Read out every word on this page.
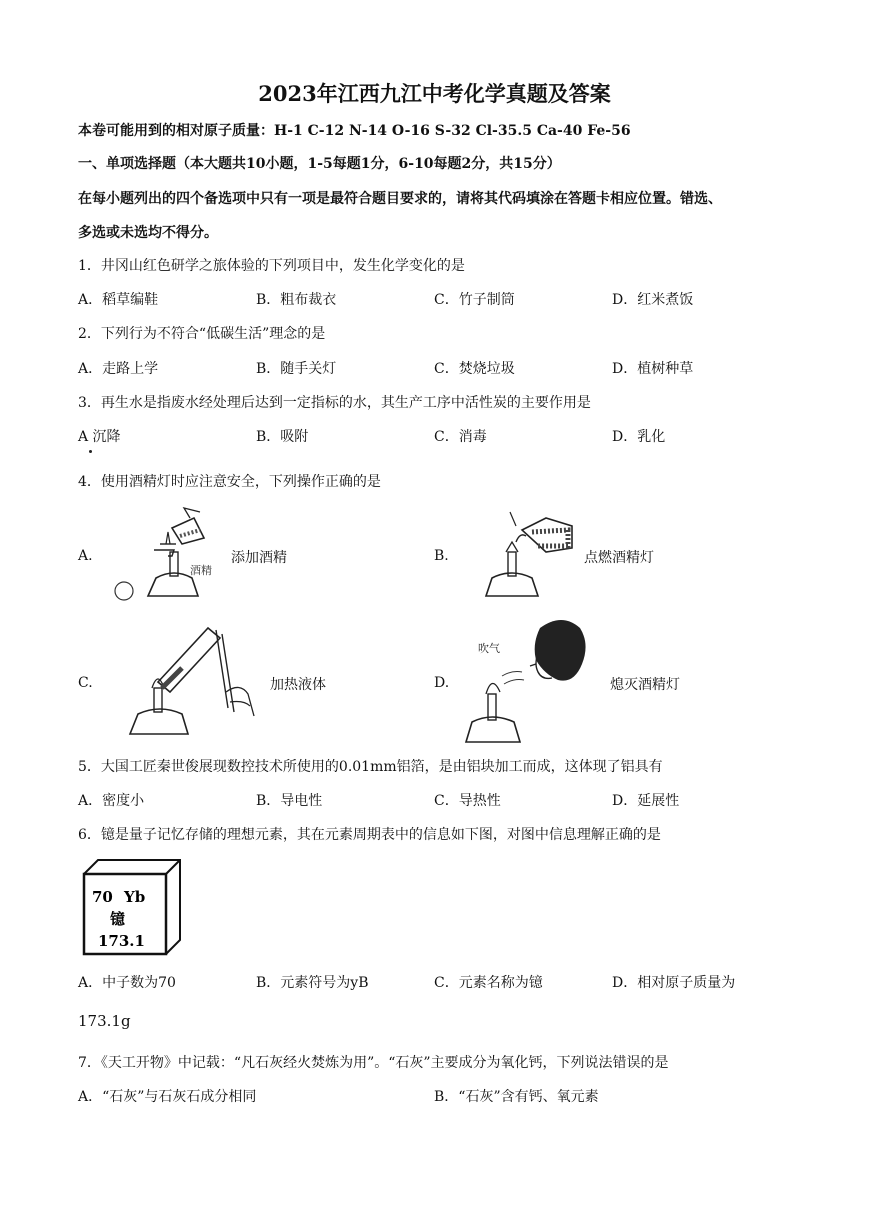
2023年江西九江中考化学真题及答案
本卷可能用到的相对原子质量：H-1 C-12 N-14 O-16 S-32 Cl-35.5 Ca-40 Fe-56
一、单项选择题（本大题共10小题，1-5每题1分，6-10每题2分，共15分）
在每小题列出的四个备选项中只有一项是最符合题目要求的，请将其代码填涂在答题卡相应位置。错选、
多选或未选均不得分。
1．井冈山红色研学之旅体验的下列项目中，发生化学变化的是
A．稻草编鞋	B．粗布裁衣	C．竹子制筒	D．红米煮饭
2．下列行为不符合“低碳生活”理念的是
A．走路上学	B．随手关灯	C．焚烧垃圾	D．植树种草
3．再生水是指废水经处理后达到一定指标的水，其生产工序中活性炭的主要作用是
A 沉降	B．吸附	C．消毒	D．乳化
4．使用酒精灯时应注意安全，下列操作正确的是
A.
酒精
添加酒精	B.	点燃酒精灯
C.	加热液体	D.
吹气
熄灭酒精灯
5．大国工匠秦世俊展现数控技术所使用的0.01mm铝箔，是由铝块加工而成，这体现了铝具有
A．密度小	B．导电性	C．导热性	D．延展性
6．镱是量子记忆存储的理想元素，其在元素周期表中的信息如下图，对图中信息理解正确的是
70 Yb
镱
173.1
A．中子数为70	B．元素符号为yB	C．元素名称为镱	D．相对原子质量为
173.1g
7．《天工开物》中记载：“凡石灰经火焚炼为用”。“石灰”主要成分为氧化钙，下列说法错误的是
A．“石灰”与石灰石成分相同	B．“石灰”含有钙、氧元素
